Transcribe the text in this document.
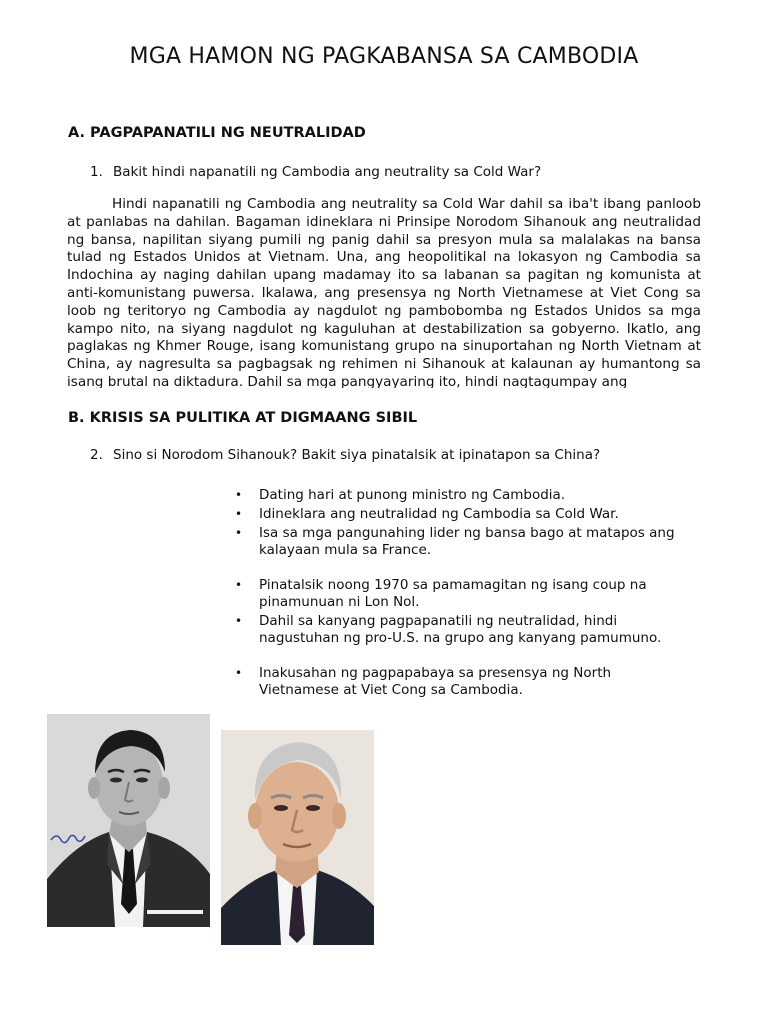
MGA HAMON NG PAGKABANSA SA CAMBODIA
A. PAGPAPANATILI NG NEUTRALIDAD

1. Bakit hindi napanatili ng Cambodia ang neutrality sa Cold War?

Hindi napanatili ng Cambodia ang neutrality sa Cold War dahil sa iba't ibang panloob at panlabas na dahilan. Bagaman idineklara ni Prinsipe Norodom Sihanouk ang neutralidad ng bansa, napilitan siyang pumili ng panig dahil sa presyon mula sa malalakas na bansa tulad ng Estados Unidos at Vietnam. Una, ang heopolitikal na lokasyon ng Cambodia sa Indochina ay naging dahilan upang madamay ito sa labanan sa pagitan ng komunista at anti-komunistang puwersa. Ikalawa, ang presensya ng North Vietnamese at Viet Cong sa loob ng teritoryo ng Cambodia ay nagdulot ng pambobomba ng Estados Unidos sa mga kampo nito, na siyang nagdulot ng kaguluhan at destabilization sa gobyerno. Ikatlo, ang paglakas ng Khmer Rouge, isang komunistang grupo na sinuportahan ng North Vietnam at China, ay nagresulta sa pagbagsak ng rehimen ni Sihanouk at kalaunan ay humantong sa isang brutal na diktadura. Dahil sa mga pangyayaring ito, hindi nagtagumpay ang

B. KRISIS SA PULITIKA AT DIGMAANG SIBIL

2. Sino si Norodom Sihanouk? Bakit siya pinatalsik at ipinatapon sa China?

• Dating hari at punong ministro ng Cambodia.
• Idineklara ang neutralidad ng Cambodia sa Cold War.
• Isa sa mga pangunahing lider ng bansa bago at matapos ang kalayaan mula sa France.
• Pinatalsik noong 1970 sa pamamagitan ng isang coup na pinamunuan ni Lon Nol.
• Dahil sa kanyang pagpapanatili ng neutralidad, hindi nagustuhan ng pro-U.S. na grupo ang kanyang pamumuno.
• Inakusahan ng pagpapabaya sa presensya ng North Vietnamese at Viet Cong sa Cambodia.
